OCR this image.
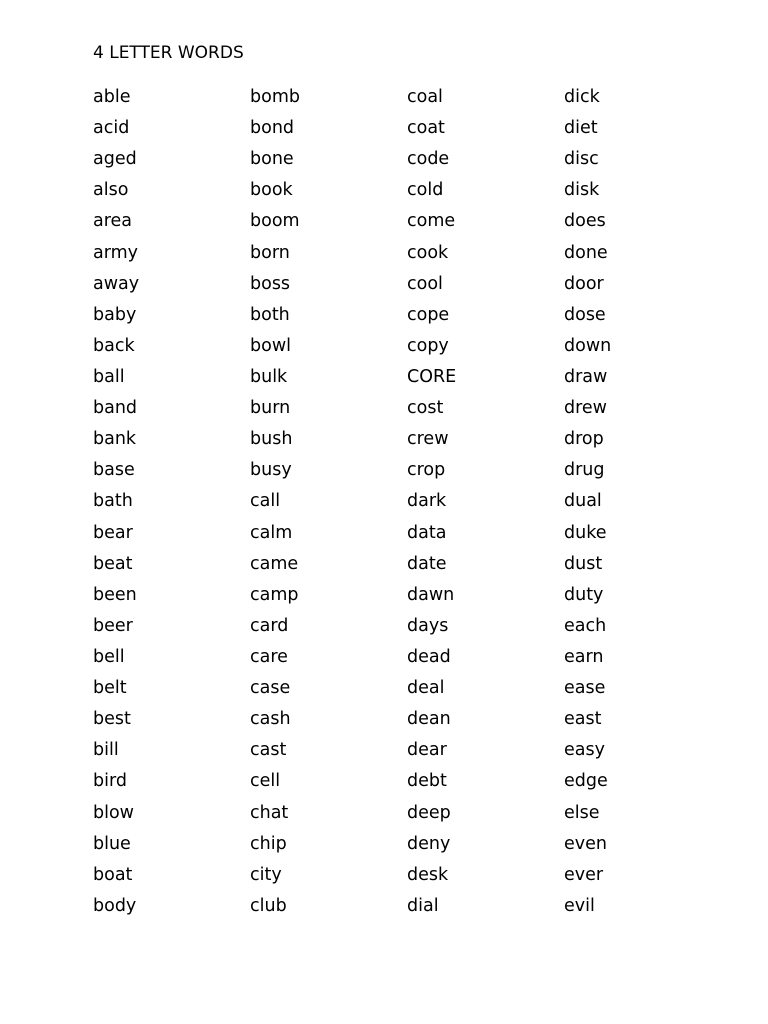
4 LETTER WORDS
able
acid
aged
also
area
army
away
baby
back
ball
band
bank
base
bath
bear
beat
been
beer
bell
belt
best
bill
bird
blow
blue
boat
body
bomb
bond
bone
book
boom
born
boss
both
bowl
bulk
burn
bush
busy
call
calm
came
camp
card
care
case
cash
cast
cell
chat
chip
city
club
coal
coat
code
cold
come
cook
cool
cope
copy
CORE
cost
crew
crop
dark
data
date
dawn
days
dead
deal
dean
dear
debt
deep
deny
desk
dial
dick
diet
disc
disk
does
done
door
dose
down
draw
drew
drop
drug
dual
duke
dust
duty
each
earn
ease
east
easy
edge
else
even
ever
evil
